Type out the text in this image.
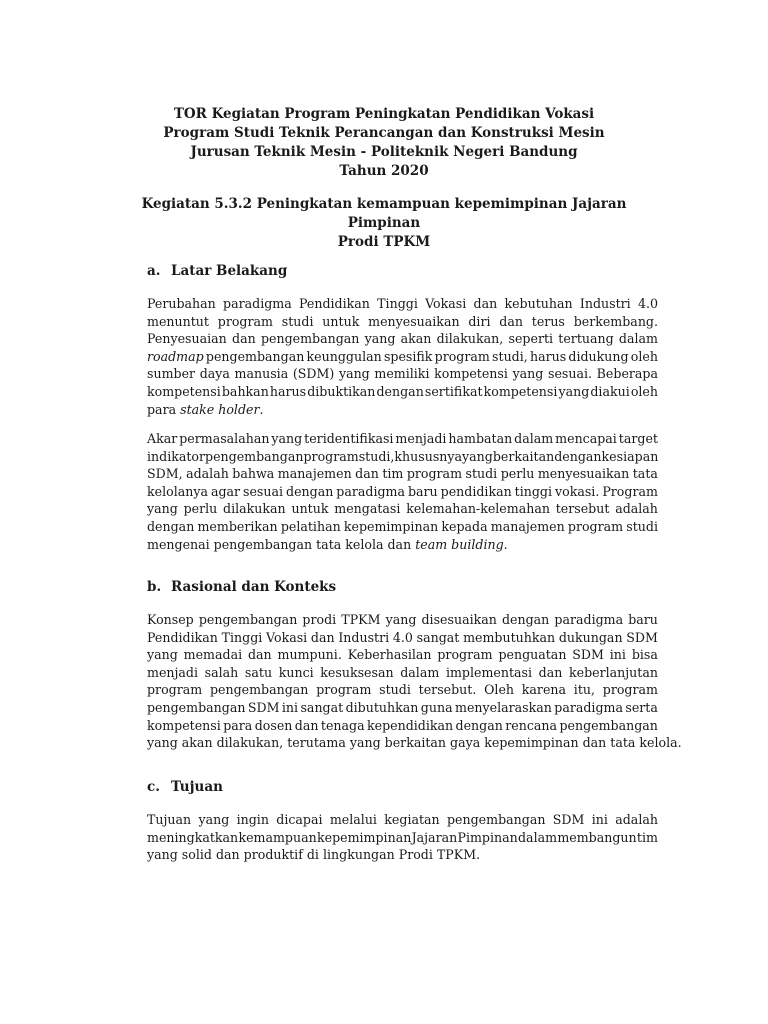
TOR Kegiatan Program Peningkatan Pendidikan Vokasi
Program Studi Teknik Perancangan dan Konstruksi Mesin
Jurusan Teknik Mesin - Politeknik Negeri Bandung
Tahun 2020
Kegiatan 5.3.2 Peningkatan kemampuan kepemimpinan Jajaran Pimpinan
Prodi TPKM
a. Latar Belakang
Perubahan paradigma Pendidikan Tinggi Vokasi dan kebutuhan Industri 4.0
menuntut program studi untuk menyesuaikan diri dan terus berkembang.
Penyesuaian dan pengembangan yang akan dilakukan, seperti tertuang dalam
roadmap pengembangan keunggulan spesifik program studi, harus didukung oleh
sumber daya manusia (SDM) yang memiliki kompetensi yang sesuai. Beberapa
kompetensi bahkan harus dibuktikan dengan sertifikat kompetensi yang diakui oleh
para stake holder.
Akar permasalahan yang teridentifikasi menjadi hambatan dalam mencapai target
indikator pengembangan program studi, khususnya yang berkaitan dengan kesiapan
SDM, adalah bahwa manajemen dan tim program studi perlu menyesuaikan tata
kelolanya agar sesuai dengan paradigma baru pendidikan tinggi vokasi. Program
yang perlu dilakukan untuk mengatasi kelemahan-kelemahan tersebut adalah
dengan memberikan pelatihan kepemimpinan kepada manajemen program studi
mengenai pengembangan tata kelola dan team building.
b. Rasional dan Konteks
Konsep pengembangan prodi TPKM yang disesuaikan dengan paradigma baru
Pendidikan Tinggi Vokasi dan Industri 4.0 sangat membutuhkan dukungan SDM
yang memadai dan mumpuni. Keberhasilan program penguatan SDM ini bisa
menjadi salah satu kunci kesuksesan dalam implementasi dan keberlanjutan
program pengembangan program studi tersebut. Oleh karena itu, program
pengembangan SDM ini sangat dibutuhkan guna menyelaraskan paradigma serta
kompetensi para dosen dan tenaga kependidikan dengan rencana pengembangan
yang akan dilakukan, terutama yang berkaitan gaya kepemimpinan dan tata kelola.
c. Tujuan
Tujuan yang ingin dicapai melalui kegiatan pengembangan SDM ini adalah
meningkatkan kemampuan kepemimpinan Jajaran Pimpinan dalam membangun tim
yang solid dan produktif di lingkungan Prodi TPKM.
